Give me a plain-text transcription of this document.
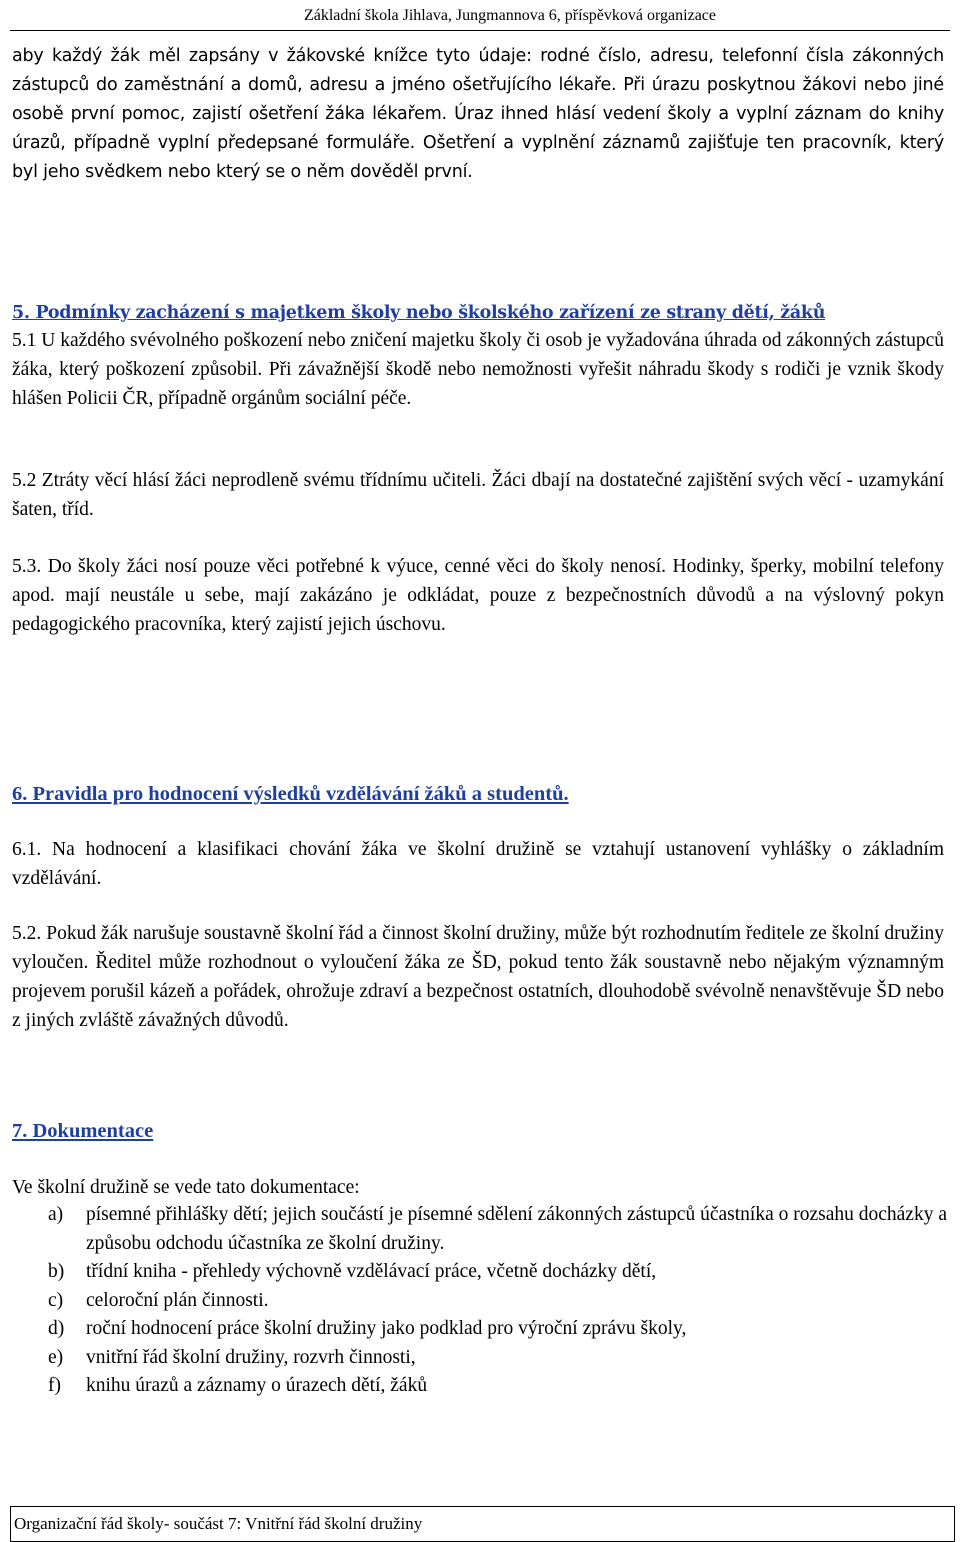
Základní škola Jihlava, Jungmannova 6, příspěvková organizace

aby každý žák měl zapsány v žákovské knížce tyto údaje: rodné číslo, adresu, telefonní čísla zákonných zástupců do zaměstnání a domů, adresu a jméno ošetřujícího lékaře. Při úrazu poskytnou žákovi nebo jiné osobě první pomoc, zajistí ošetření žáka lékařem. Úraz ihned hlásí vedení školy a vyplní záznam do knihy úrazů, případně vyplní předepsané formuláře. Ošetření a vyplnění záznamů zajišťuje ten pracovník, který byl jeho svědkem nebo který se o něm dověděl první.

5. Podmínky zacházení s majetkem školy nebo školského zařízení ze strany dětí, žáků

5.1 U každého svévolného poškození nebo zničení majetku školy či osob je vyžadována úhrada od zákonných zástupců žáka, který poškození způsobil. Při závažnější škodě nebo nemožnosti vyřešit náhradu škody s rodiči je vznik škody hlášen Policii ČR, případně orgánům sociální péče.

5.2 Ztráty věcí hlásí žáci neprodleně svému třídnímu učiteli. Žáci dbají na dostatečné zajištění svých věcí - uzamykání šaten, tříd.

5.3. Do školy žáci nosí pouze věci potřebné k výuce, cenné věci do školy nenosí. Hodinky, šperky, mobilní telefony apod. mají neustále u sebe, mají zakázáno je odkládat, pouze z bezpečnostních důvodů a na výslovný pokyn pedagogického pracovníka, který zajistí jejich úschovu.

6. Pravidla pro hodnocení výsledků vzdělávání žáků a studentů.

6.1. Na hodnocení a klasifikaci chování žáka ve školní družině se vztahují ustanovení vyhlášky o základním vzdělávání.

5.2. Pokud žák narušuje soustavně školní řád a činnost školní družiny, může být rozhodnutím ředitele ze školní družiny vyloučen. Ředitel může rozhodnout o vyloučení žáka ze ŠD, pokud tento žák soustavně nebo nějakým významným projevem porušil kázeň a pořádek, ohrožuje zdraví a bezpečnost ostatních, dlouhodobě svévolně nenavštěvuje ŠD nebo z jiných zvláště závažných důvodů.

7. Dokumentace

Ve školní družině se vede tato dokumentace:

a) písemné přihlášky dětí; jejich součástí je písemné sdělení zákonných zástupců účastníka o rozsahu docházky a způsobu odchodu účastníka ze školní družiny.
b) třídní kniha - přehledy výchovně vzdělávací práce, včetně docházky dětí,
c) celoroční plán činnosti.
d) roční hodnocení práce školní družiny jako podklad pro výroční zprávu školy,
e) vnitřní řád školní družiny, rozvrh činnosti,
f) knihu úrazů a záznamy o úrazech dětí, žáků
Organizační řád školy- součást 7: Vnitřní řád školní družiny
